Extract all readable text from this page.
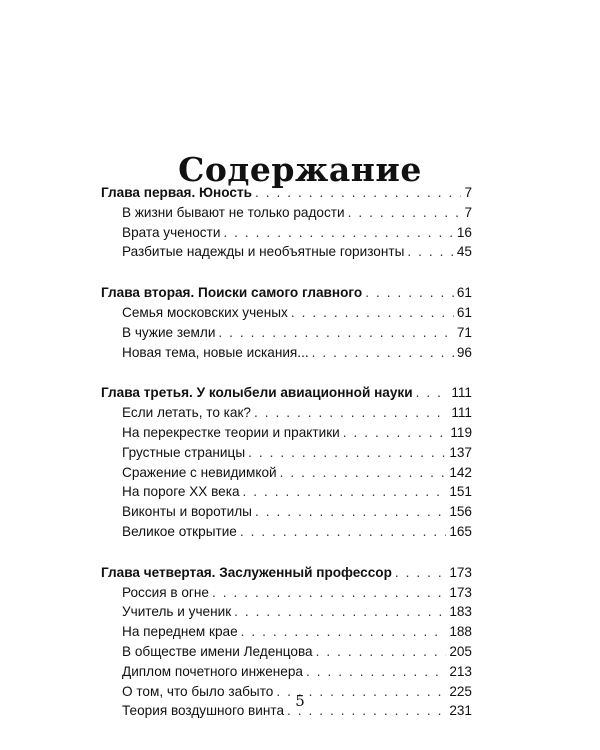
Содержание
Глава первая. Юность . . .	7
В жизни бывают не только радости . . .	7
Врата учености . . .	16
Разбитые надежды и необъятные горизонты . . .	45
Глава вторая. Поиски самого главного . . .	61
Семья московских ученых . . .	61
В чужие земли . . .	71
Новая тема, новые искания... . . .	96
Глава третья. У колыбели авиационной науки . . .	111
Если летать, то как? . . .	111
На перекрестке теории и практики . . .	119
Грустные страницы . . .	137
Сражение с невидимкой . . .	142
На пороге XX века . . .	151
Виконты и воротилы . . .	156
Великое открытие . . .	165
Глава четвертая. Заслуженный профессор . . .	173
Россия в огне . . .	173
Учитель и ученик . . .	183
На переднем крае . . .	188
В обществе имени Леденцова . . .	205
Диплом почетного инженера . . .	213
О том, что было забыто . . .	225
Теория воздушного винта . . .	231
5
